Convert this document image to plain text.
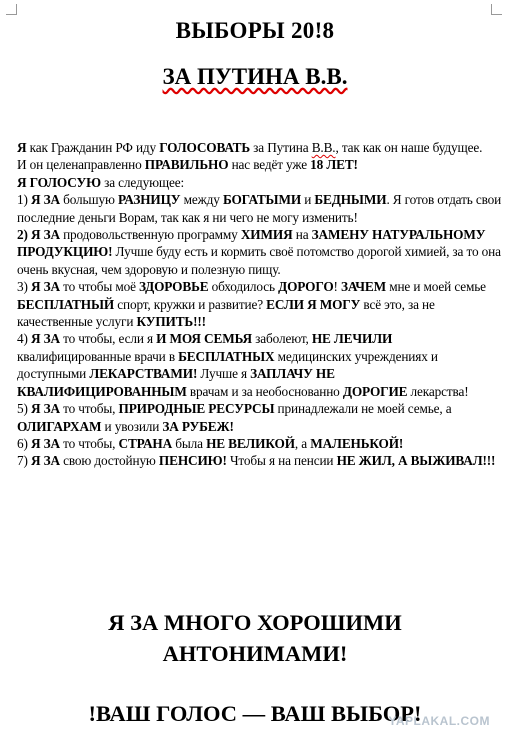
ВЫБОРЫ 20!8
ЗА ПУТИНА В.В.

Я как Гражданин РФ иду ГОЛОСОВАТЬ за Путина В.В., так как он наше будущее.

И он целенаправленно ПРАВИЛЬНО нас ведёт уже 18 ЛЕТ!

Я ГОЛОСУЮ за следующее:

1) Я ЗА большую РАЗНИЦУ между БОГАТЫМИ и БЕДНЫМИ. Я готов отдать свои последние деньги Ворам, так как я ни чего не могу изменить!

2) Я ЗА продовольственную программу ХИМИЯ на ЗАМЕНУ НАТУРАЛЬНОМУ ПРОДУКЦИЮ! Лучше буду есть и кормить своё потомство дорогой химией, за то она очень вкусная, чем здоровую и полезную пищу.

3) Я ЗА то чтобы моё ЗДОРОВЬЕ обходилось ДОРОГО! ЗАЧЕМ мне и моей семье БЕСПЛАТНЫЙ спорт, кружки и развитие? ЕСЛИ Я МОГУ всё это, за не качественные услуги КУПИТЬ!!!

4) Я ЗА то чтобы, если я И МОЯ СЕМЬЯ заболеют, НЕ ЛЕЧИЛИ квалифицированные врачи в БЕСПЛАТНЫХ медицинских учреждениях и доступными ЛЕКАРСТВАМИ! Лучше я ЗАПЛАЧУ НЕ КВАЛИФИЦИРОВАННЫМ врачам и за необоснованно ДОРОГИЕ лекарства!

5) Я ЗА то чтобы, ПРИРОДНЫЕ РЕСУРСЫ принадлежали не моей семье, а ОЛИГАРХАМ и увозили ЗА РУБЕЖ!

6) Я ЗА то чтобы, СТРАНА была НЕ ВЕЛИКОЙ, а МАЛЕНЬКОЙ!

7) Я ЗА свою достойную ПЕНСИЮ! Чтобы я на пенсии НЕ ЖИЛ, А ВЫЖИВАЛ!!!

Я ЗА МНОГО ХОРОШИМИ
АНТОНИМАМИ!
!ВАШ ГОЛОС — ВАШ ВЫБОР!
YAPLAKAL.COM
